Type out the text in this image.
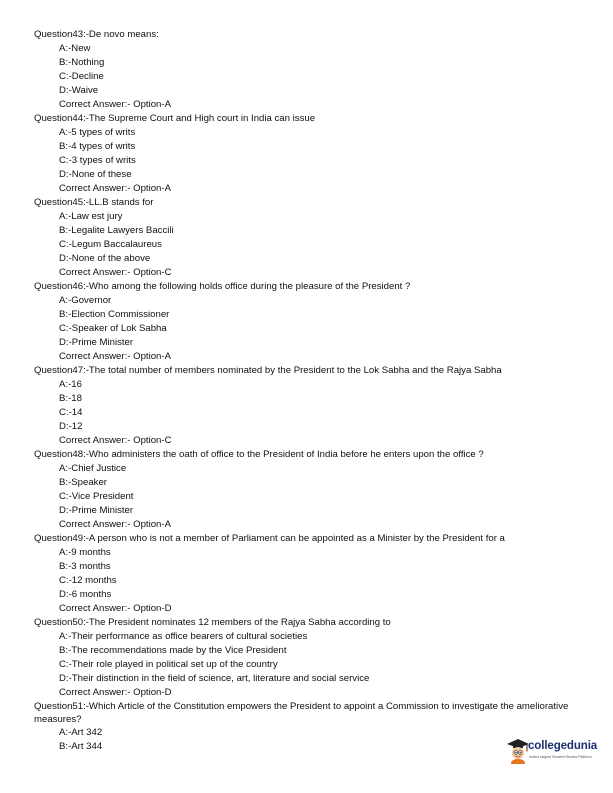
Question43:-De novo means:
A:-New
B:-Nothing
C:-Decline
D:-Waive
Correct Answer:- Option-A
Question44:-The Supreme Court and High court in India can issue
A:-5 types of writs
B:-4 types of writs
C:-3 types of writs
D:-None of these
Correct Answer:- Option-A
Question45:-LL.B stands for
A:-Law est jury
B:-Legalite Lawyers Baccili
C:-Legum Baccalaureus
D:-None of the above
Correct Answer:- Option-C
Question46:-Who among the following holds office during the pleasure of the President ?
A:-Governor
B:-Election Commissioner
C:-Speaker of Lok Sabha
D:-Prime Minister
Correct Answer:- Option-A
Question47:-The total number of members nominated by the President to the Lok Sabha and the Rajya Sabha
A:-16
B:-18
C:-14
D:-12
Correct Answer:- Option-C
Question48:-Who administers the oath of office to the President of India before he enters upon the office ?
A:-Chief Justice
B:-Speaker
C:-Vice President
D:-Prime Minister
Correct Answer:- Option-A
Question49:-A person who is not a member of Parliament can be appointed as a Minister by the President for a
A:-9 months
B:-3 months
C:-12 months
D:-6 months
Correct Answer:- Option-D
Question50:-The President nominates 12 members of the Rajya Sabha according to
A:-Their performance as office bearers of cultural societies
B:-The recommendations made by the Vice President
C:-Their role played in political set up of the country
D:-Their distinction in the field of science, art, literature and social service
Correct Answer:- Option-D
Question51:-Which Article of the Constitution empowers the President to appoint a Commission to investigate the ameliorative measures?
A:-Art 342
B:-Art 344	collegedunia
India's largest Student Review Platform
